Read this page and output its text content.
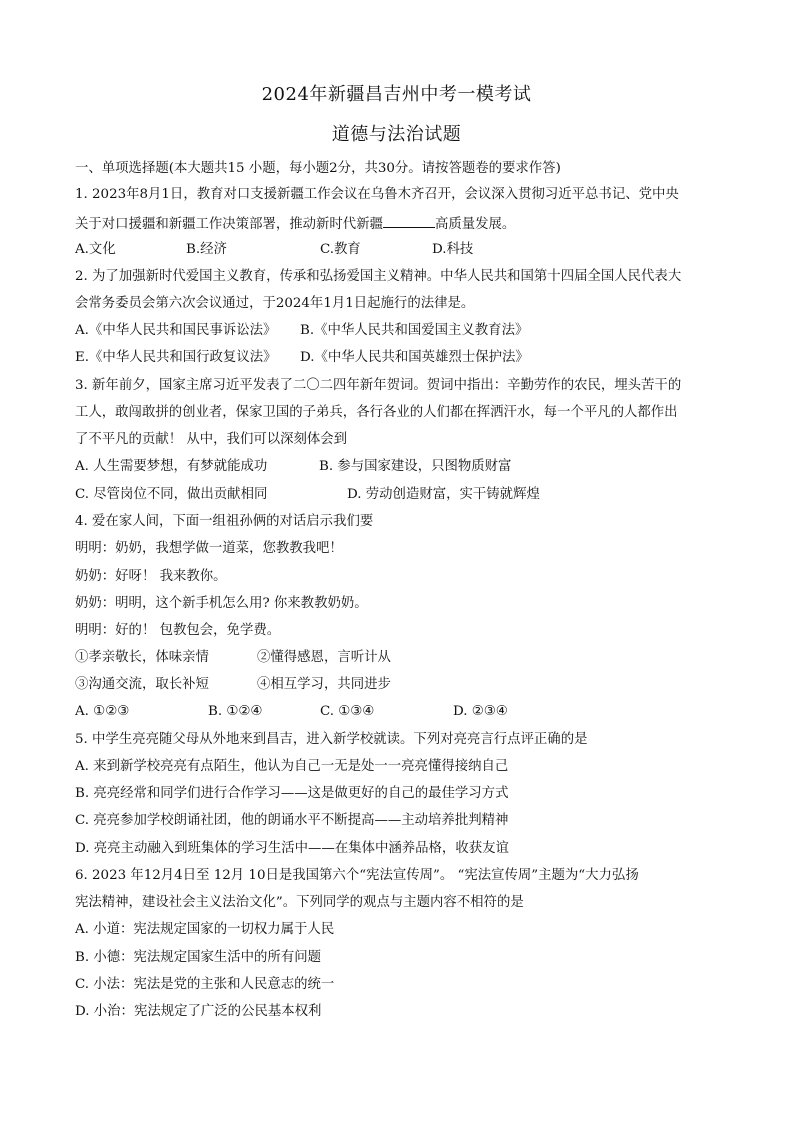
2024年新疆昌吉州中考一模考试
道德与法治试题
一、单项选择题(本大题共15 小题，每小题2分，共30分。请按答题卷的要求作答)
1. 2023年8月1日，教育对口支援新疆工作会议在乌鲁木齐召开，会议深入贯彻习近平总书记、党中央
关于对口援疆和新疆工作决策部署，推动新时代新疆	高质量发展。
A.文化	B.经济	C.教育	D.科技
2. 为了加强新时代爱国主义教育，传承和弘扬爱国主义精神。中华人民共和国第十四届全国人民代表大
会常务委员会第六次会议通过，于2024年1月1日起施行的法律是。
A.《中华人民共和国民事诉讼法》 B.《中华人民共和国爱国主义教育法》
E.《中华人民共和国行政复议法》 D.《中华人民共和国英雄烈士保护法》
3. 新年前夕，国家主席习近平发表了二〇二四年新年贺词。贺词中指出：辛勤劳作的农民，埋头苦干的
工人，敢闯敢拼的创业者，保家卫国的子弟兵，各行各业的人们都在挥洒汗水，每一个平凡的人都作出
了不平凡的贡献！ 从中，我们可以深刻体会到
A. 人生需要梦想，有梦就能成功	B. 参与国家建设，只图物质财富
C. 尽管岗位不同，做出贡献相同	D. 劳动创造财富，实干铸就辉煌
4. 爱在家人间，下面一组祖孙俩的对话启示我们要
明明：奶奶，我想学做一道菜，您教教我吧！
奶奶：好呀！ 我来教你。
奶奶：明明，这个新手机怎么用? 你来教教奶奶。
明明：好的！ 包教包会，免学费。
①孝亲敬长，体味亲情	②懂得感恩，言听计从
③沟通交流，取长补短	④相互学习，共同进步
A. ①②③	B. ①②④	C. ①③④	D. ②③④
5. 中学生亮亮随父母从外地来到昌吉，进入新学校就读。下列对亮亮言行点评正确的是
A. 来到新学校亮亮有点陌生，他认为自己一无是处一一亮亮懂得接纳自己
B. 亮亮经常和同学们进行合作学习——这是做更好的自己的最佳学习方式
C. 亮亮参加学校朗诵社团，他的朗诵水平不断提高——主动培养批判精神
D. 亮亮主动融入到班集体的学习生活中——在集体中涵养品格，收获友谊
6. 2023 年12月4日至 12月 10日是我国第六个“宪法宣传周”。 “宪法宣传周”主题为“大力弘扬
宪法精神，建设社会主义法治文化”。下列同学的观点与主题内容不相符的是
A. 小道：宪法规定国家的一切权力属于人民
B. 小德：宪法规定国家生活中的所有问题
C. 小法：宪法是党的主张和人民意志的统一
D. 小治：宪法规定了广泛的公民基本权利
